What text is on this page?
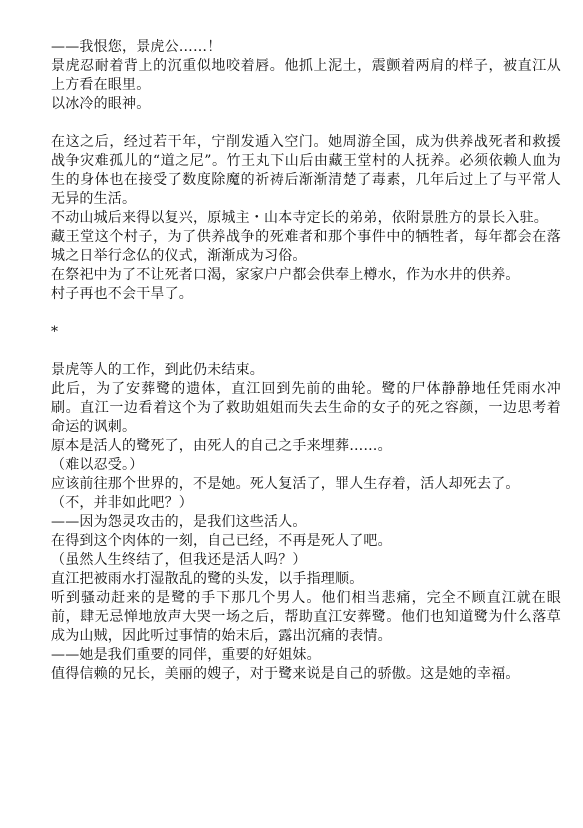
——我恨您，景虎公……！

景虎忍耐着背上的沉重似地咬着唇。他抓上泥土，震颤着两肩的样子，被直江从上方看在眼里。

以冰冷的眼神。

在这之后，经过若干年，宁削发遁入空门。她周游全国，成为供养战死者和救援战争灾难孤儿的“道之尼”。竹王丸下山后由藏王堂村的人抚养。必须依赖人血为生的身体也在接受了数度除魔的祈祷后渐渐清楚了毒素，几年后过上了与平常人无异的生活。

不动山城后来得以复兴，原城主・山本寺定长的弟弟，依附景胜方的景长入驻。

藏王堂这个村子，为了供养战争的死难者和那个事件中的牺牲者，每年都会在落城之日举行念仏的仪式，渐渐成为习俗。

在祭祀中为了不让死者口渴，家家户户都会供奉上樽水，作为水井的供养。

村子再也不会干旱了。

*

景虎等人的工作，到此仍未结束。

此后，为了安葬鹭的遗体，直江回到先前的曲轮。鹭的尸体静静地任凭雨水冲刷。直江一边看着这个为了救助姐姐而失去生命的女子的死之容颜，一边思考着命运的讽刺。

原本是活人的鹭死了，由死人的自己之手来埋葬……。

（难以忍受。）

应该前往那个世界的，不是她。死人复活了，罪人生存着，活人却死去了。

（不，并非如此吧？）

——因为怨灵攻击的，是我们这些活人。

在得到这个肉体的一刻，自己已经，不再是死人了吧。

（虽然人生终结了，但我还是活人吗？）

直江把被雨水打湿散乱的鹭的头发，以手指理顺。

听到骚动赶来的是鹭的手下那几个男人。他们相当悲痛，完全不顾直江就在眼前，肆无忌惮地放声大哭一场之后，帮助直江安葬鹭。他们也知道鹭为什么落草成为山贼，因此听过事情的始末后，露出沉痛的表情。

——她是我们重要的同伴，重要的好姐妹。

值得信赖的兄长，美丽的嫂子，对于鹭来说是自己的骄傲。这是她的幸福。
